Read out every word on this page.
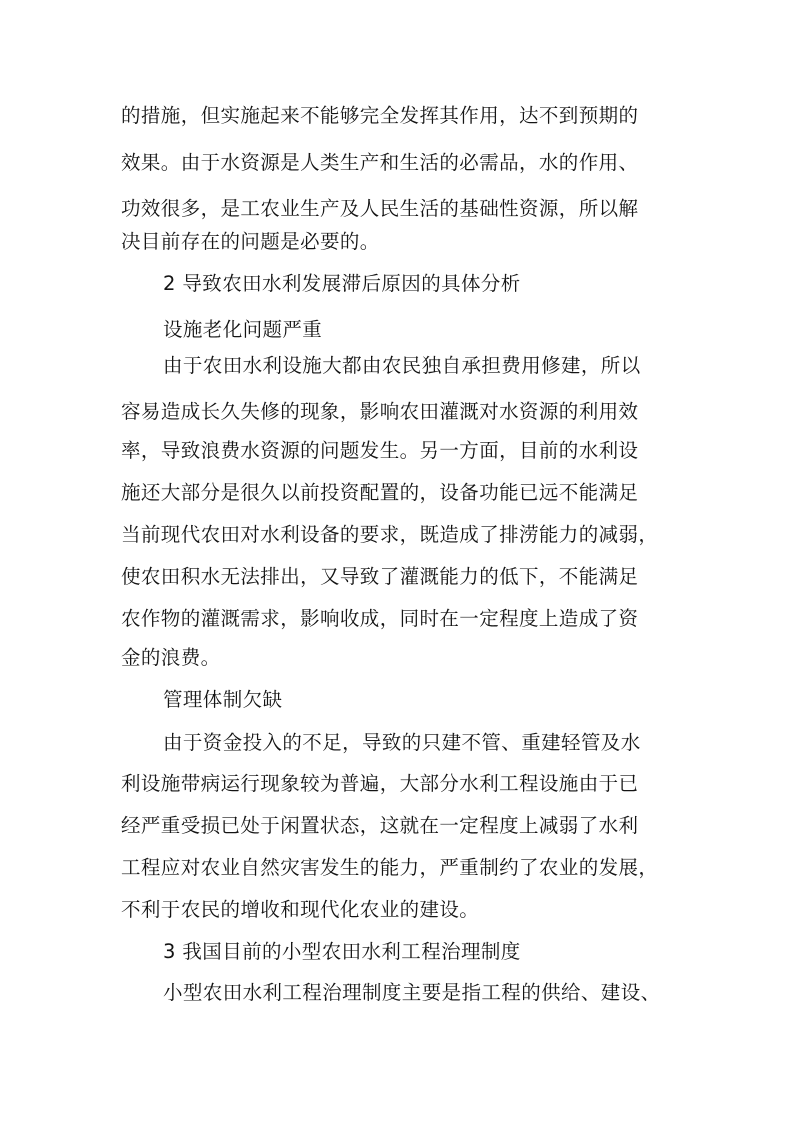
的措施，但实施起来不能够完全发挥其作用，达不到预期的
效果。由于水资源是人类生产和生活的必需品，水的作用、
功效很多，是工农业生产及人民生活的基础性资源，所以解
决目前存在的问题是必要的。
2 导致农田水利发展滞后原因的具体分析
设施老化问题严重
由于农田水利设施大都由农民独自承担费用修建，所以
容易造成长久失修的现象，影响农田灌溉对水资源的利用效
率，导致浪费水资源的问题发生。另一方面，目前的水利设
施还大部分是很久以前投资配置的，设备功能已远不能满足
当前现代农田对水利设备的要求，既造成了排涝能力的减弱，
使农田积水无法排出，又导致了灌溉能力的低下，不能满足
农作物的灌溉需求，影响收成，同时在一定程度上造成了资
金的浪费。
管理体制欠缺
由于资金投入的不足，导致的只建不管、重建轻管及水
利设施带病运行现象较为普遍，大部分水利工程设施由于已
经严重受损已处于闲置状态，这就在一定程度上减弱了水利
工程应对农业自然灾害发生的能力，严重制约了农业的发展，
不利于农民的增收和现代化农业的建设。
3 我国目前的小型农田水利工程治理制度
小型农田水利工程治理制度主要是指工程的供给、建设、
